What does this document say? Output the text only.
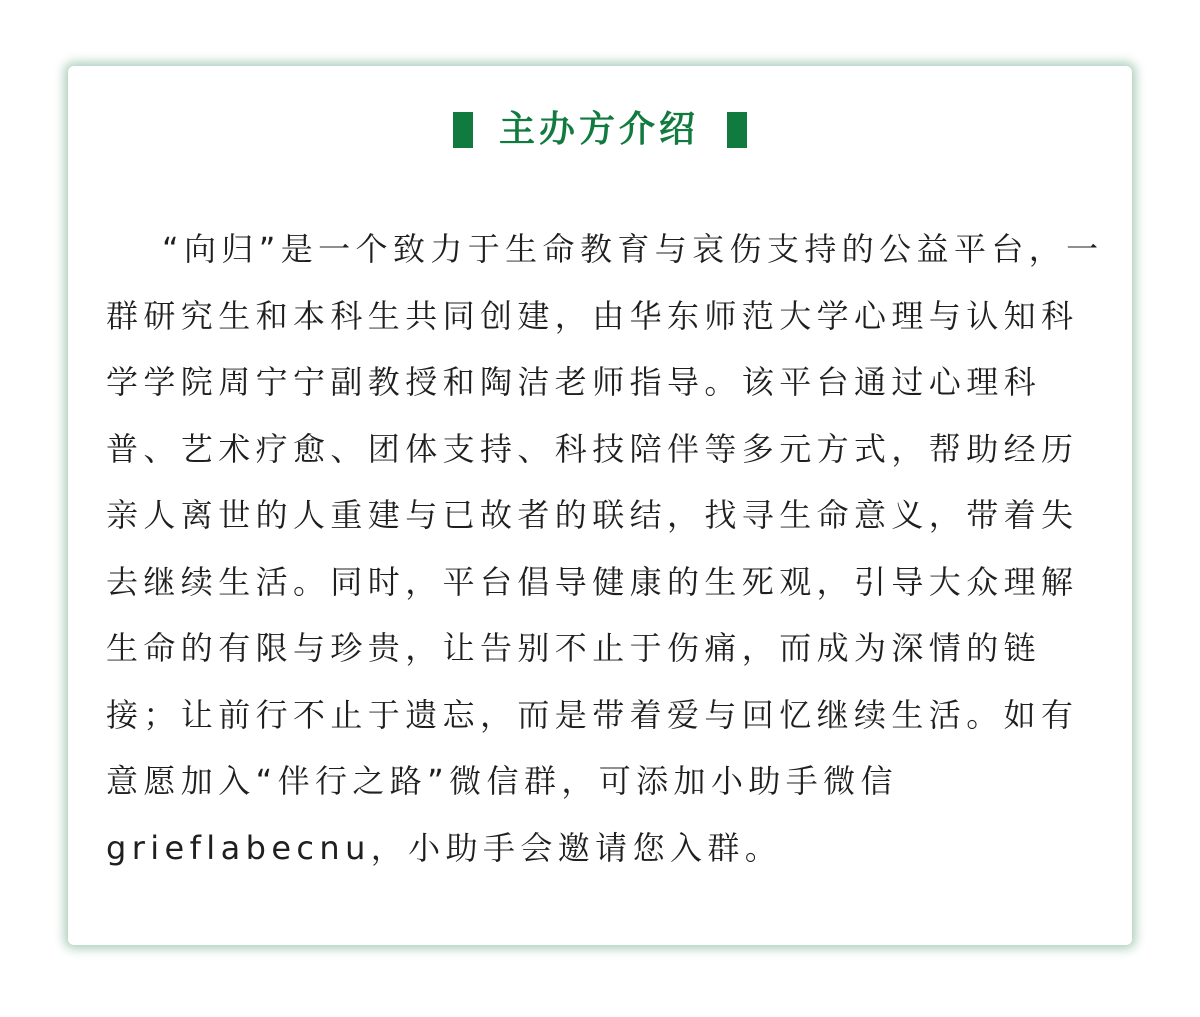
主办方介绍
“向归”是一个致力于生命教育与哀伤支持的公益平台，一
群研究生和本科生共同创建，由华东师范大学心理与认知科
学学院周宁宁副教授和陶洁老师指导。该平台通过心理科
普、艺术疗愈、团体支持、科技陪伴等多元方式，帮助经历
亲人离世的人重建与已故者的联结，找寻生命意义，带着失
去继续生活。同时，平台倡导健康的生死观，引导大众理解
生命的有限与珍贵，让告别不止于伤痛，而成为深情的链
接；让前行不止于遗忘，而是带着爱与回忆继续生活。如有
意愿加入“伴行之路”微信群，可添加小助手微信
grieflabecnu，小助手会邀请您入群。
